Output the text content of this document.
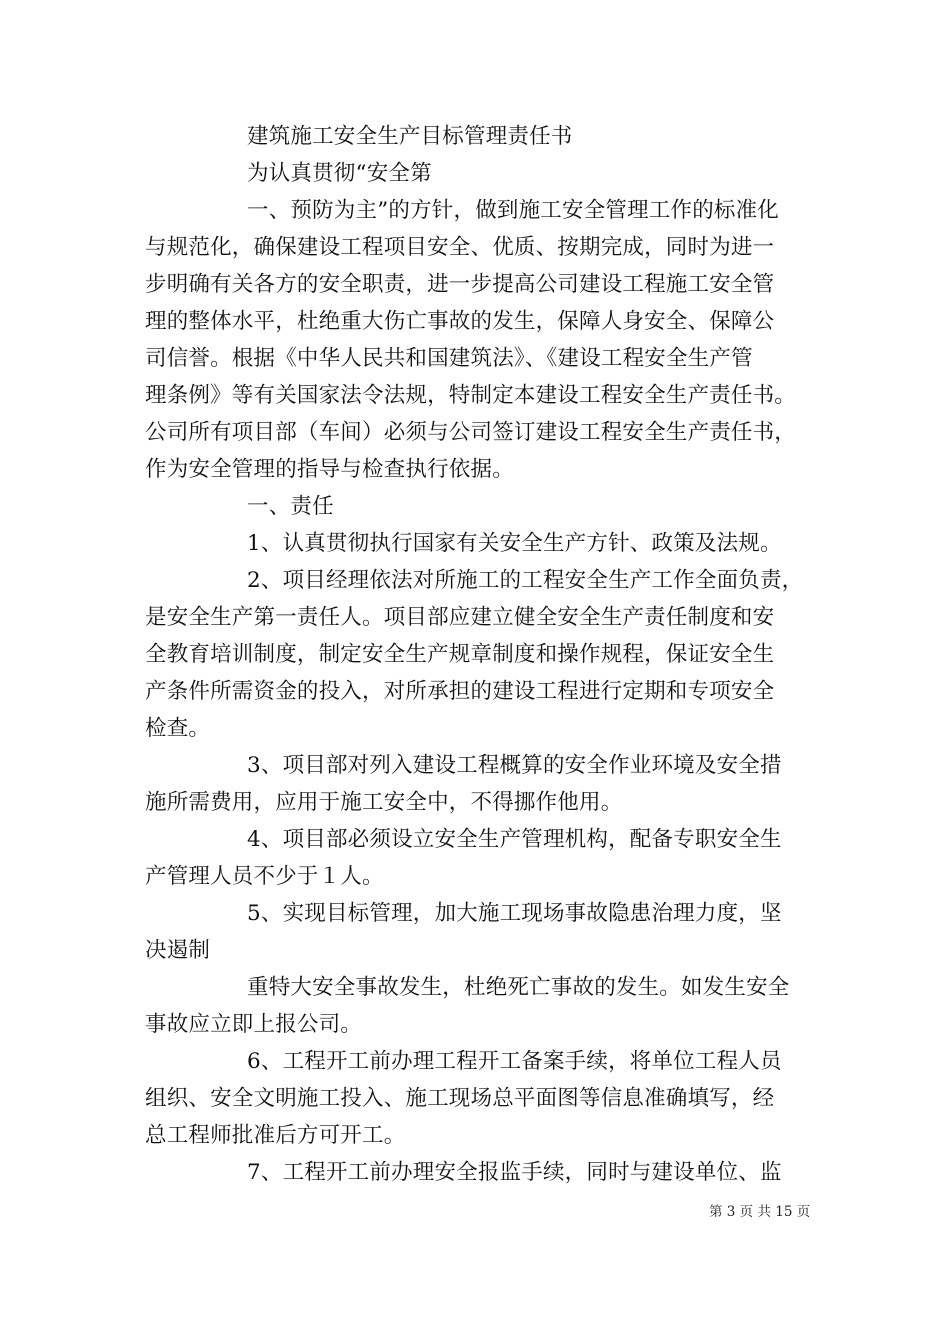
建筑施工安全生产目标管理责任书
为认真贯彻“安全第
一、预防为主”的方针，做到施工安全管理工作的标准化
与规范化，确保建设工程项目安全、优质、按期完成，同时为进一
步明确有关各方的安全职责，进一步提高公司建设工程施工安全管
理的整体水平，杜绝重大伤亡事故的发生，保障人身安全、保障公
司信誉。根据《中华人民共和国建筑法》、《建设工程安全生产管
理条例》等有关国家法令法规，特制定本建设工程安全生产责任书。
公司所有项目部（车间）必须与公司签订建设工程安全生产责任书，
作为安全管理的指导与检查执行依据。
一、责任
1、认真贯彻执行国家有关安全生产方针、政策及法规。
2、项目经理依法对所施工的工程安全生产工作全面负责，
是安全生产第一责任人。项目部应建立健全安全生产责任制度和安
全教育培训制度，制定安全生产规章制度和操作规程，保证安全生
产条件所需资金的投入，对所承担的建设工程进行定期和专项安全
检查。
3、项目部对列入建设工程概算的安全作业环境及安全措
施所需费用，应用于施工安全中，不得挪作他用。
4、项目部必须设立安全生产管理机构，配备专职安全生
产管理人员不少于１人。
5、实现目标管理，加大施工现场事故隐患治理力度，坚
决遏制
重特大安全事故发生，杜绝死亡事故的发生。如发生安全
事故应立即上报公司。
6、工程开工前办理工程开工备案手续，将单位工程人员
组织、安全文明施工投入、施工现场总平面图等信息准确填写，经
总工程师批准后方可开工。
7、工程开工前办理安全报监手续，同时与建设单位、监
第 3 页 共 15 页
